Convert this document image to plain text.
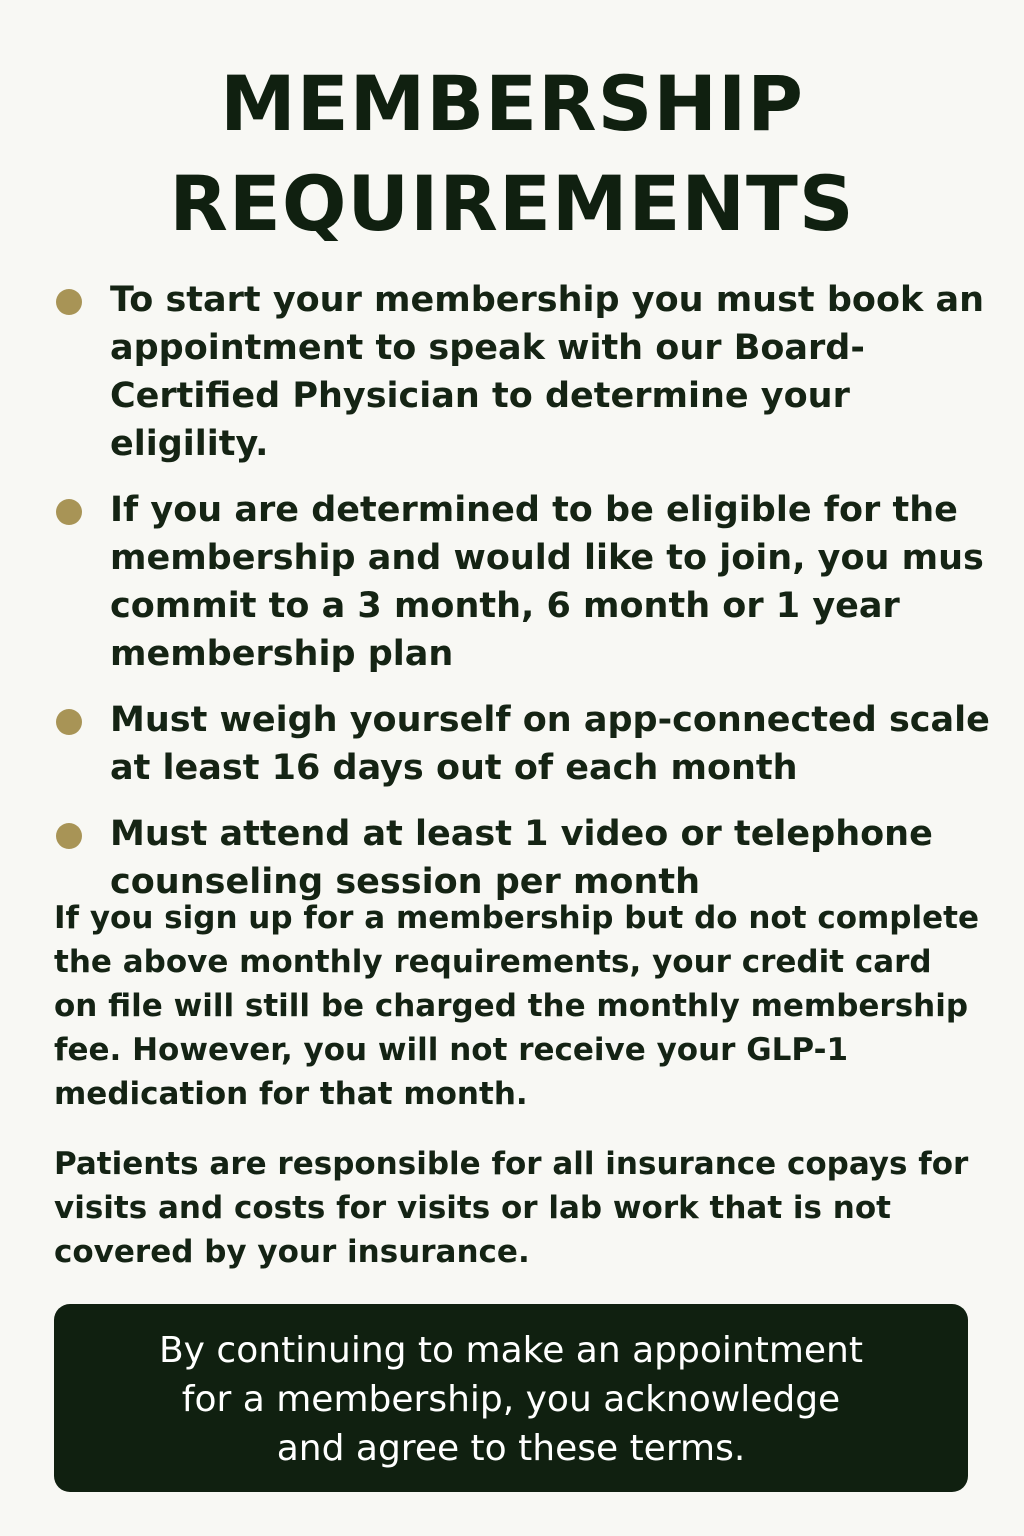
MEMBERSHIP
REQUIREMENTS
To start your membership you must book an appointment to speak with our Board-Certified Physician to determine your eligility.
If you are determined to be eligible for the membership and would like to join, you mus commit to a 3 month, 6 month or 1 year membership plan
Must weigh yourself on app-connected scale at least 16 days out of each month
Must attend at least 1 video or telephone counseling session per month

If you sign up for a membership but do not complete the above monthly requirements, your credit card on file will still be charged the monthly membership fee. However, you will not receive your GLP-1 medication for that month.

Patients are responsible for all insurance copays for visits and costs for visits or lab work that is not covered by your insurance.

By continuing to make an appointment
for a membership, you acknowledge
and agree to these terms.
